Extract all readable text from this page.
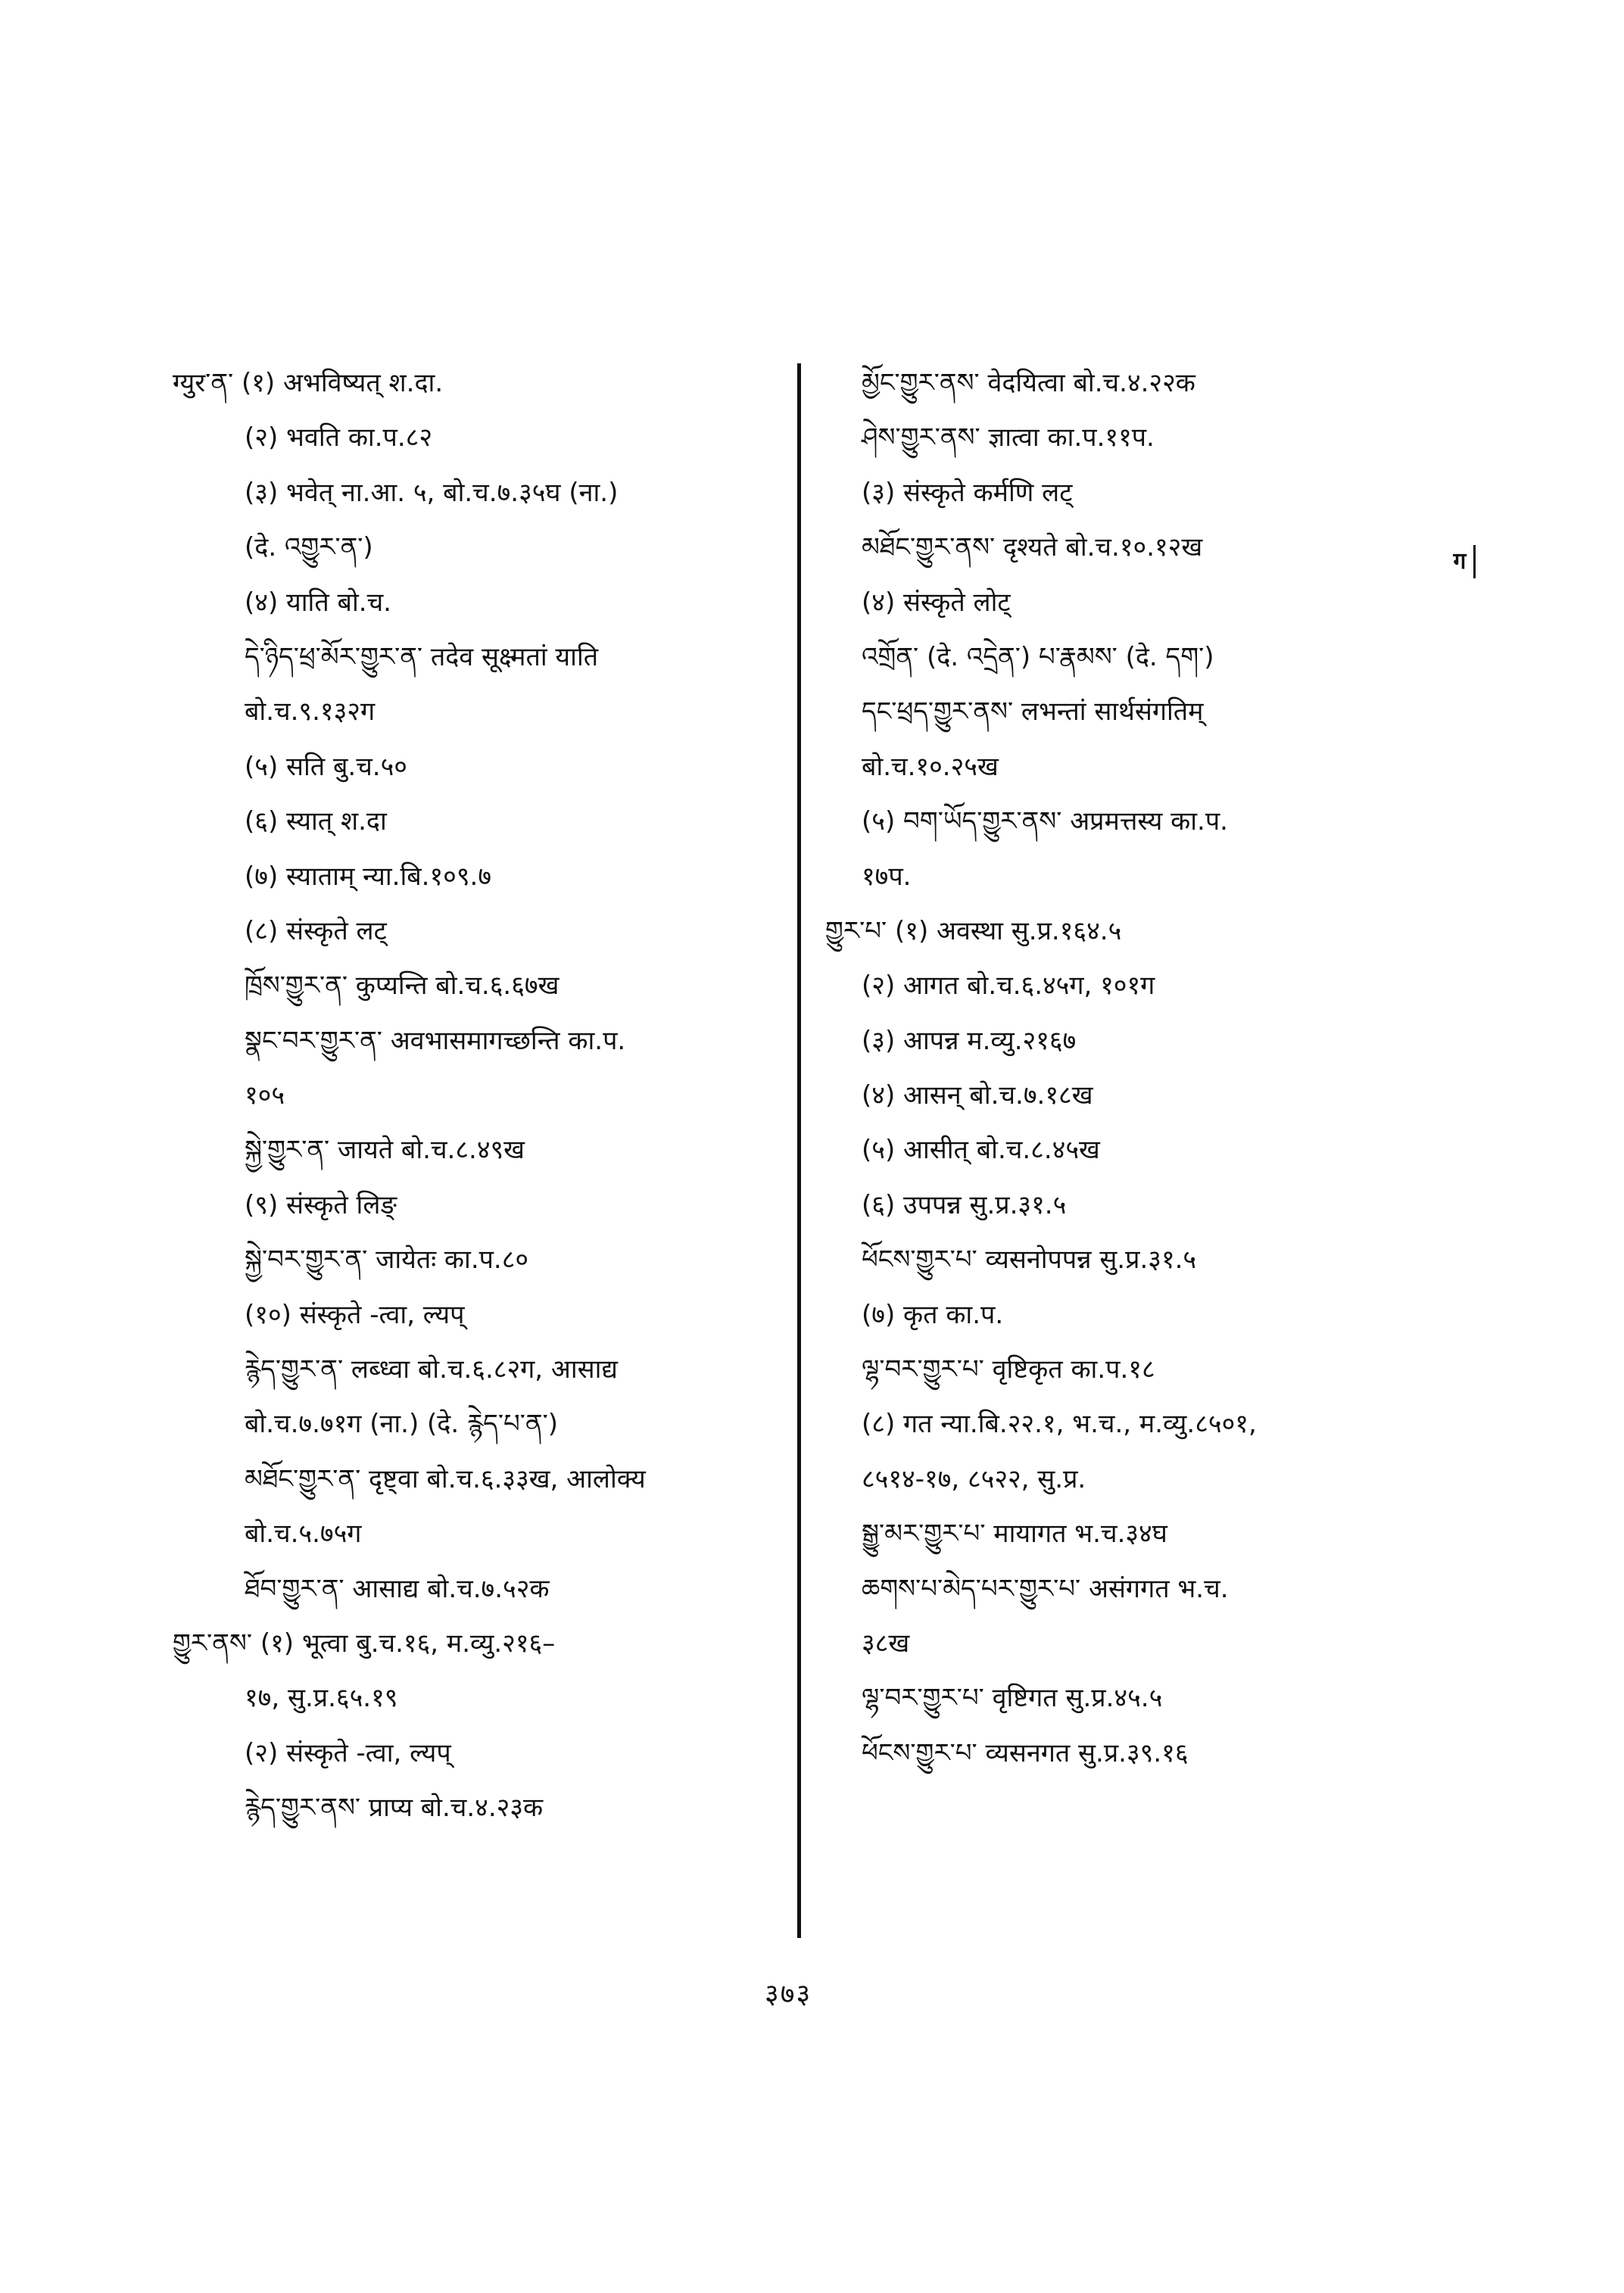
ग्युर་ན་ (१) अभविष्यत् श.दा.
(२) भवति का.प.८२
(३) भवेत् ना.आ. ५, बो.च.७.३५घ (ना.)
(दे. འགྱུར་ན་)
(४) याति बो.च.
དེ་ཉིད་ཕྲ་མོར་གྱུར་ན་ तदेव सूक्ष्मतां याति
बो.च.९.१३२ग
(५) सति बु.च.५०
(६) स्यात् श.दा
(७) स्याताम् न्या.बि.१०९.७
(८) संस्कृते लट्
ཁྲོས་གྱུར་ན་ कुप्यन्ति बो.च.६.६७ख
སྣང་བར་གྱུར་ན་ अवभासमागच्छन्ति का.प.
१०५
སྐྱེ་གྱུར་ན་ जायते बो.च.८.४९ख
(९) संस्कृते लिङ्
སྐྱེ་བར་གྱུར་ན་ जायेतः का.प.८०
(१०) संस्कृते -त्वा, ल्यप्
རྙེད་གྱུར་ན་ लब्ध्वा बो.च.६.८२ग, आसाद्य
बो.च.७.७१ग (ना.) (दे. རྙེད་པ་ན་)
མཐོང་གྱུར་ན་ दृष्ट्वा बो.च.६.३३ख, आलोक्य
बो.च.५.७५ग
ཐོབ་གྱུར་ན་ आसाद्य बो.च.७.५२क
གྱུར་ནས་ (१) भूत्वा बु.च.१६, म.व्यु.२१६–
१७, सु.प्र.६५.१९
(२) संस्कृते -त्वा, ल्यप्
རྙེད་གྱུར་ནས་ प्राप्य बो.च.४.२३क
མྱོང་གྱུར་ནས་ वेदयित्वा बो.च.४.२२क
ཤེས་གྱུར་ནས་ ज्ञात्वा का.प.११प.
(३) संस्कृते कर्मणि लट्
མཐོང་གྱུར་ནས་ दृश्यते बो.च.१०.१२ख
(४) संस्कृते लोट्
འགྲོན་ (दे. འདྲེན་) པ་རྣམས་ (दे. དག་)
དང་ཕྲད་གྱུར་ནས་ लभन्तां सार्थसंगतिम्
बो.च.१०.२५ख
(५) བག་ཡོད་གྱུར་ནས་ अप्रमत्तस्य का.प.
१७प.
གྱུར་པ་ (१) अवस्था सु.प्र.१६४.५
(२) आगत बो.च.६.४५ग, १०१ग
(३) आपन्न म.व्यु.२१६७
(४) आसन् बो.च.७.१८ख
(५) आसीत् बो.च.८.४५ख
(६) उपपन्न सु.प्र.३१.५
ཕོངས་གྱུར་པ་ व्यसनोपपन्न सु.प्र.३१.५
(७) कृत का.प.
ལྷ་བར་གྱུར་པ་ वृष्टिकृत का.प.१८
(८) गत न्या.बि.२२.१, भ.च., म.व्यु.८५०१,
८५१४-१७, ८५२२, सु.प्र.
སྒྱུ་མར་གྱུར་པ་ मायागत भ.च.३४घ
ཆགས་པ་མེད་པར་གྱུར་པ་ असंगगत भ.च.
३८ख
ལྷ་བར་གྱུར་པ་ वृष्टिगत सु.प्र.४५.५
ཕོངས་གྱུར་པ་ व्यसनगत सु.प्र.३९.१६
ग
३७३
